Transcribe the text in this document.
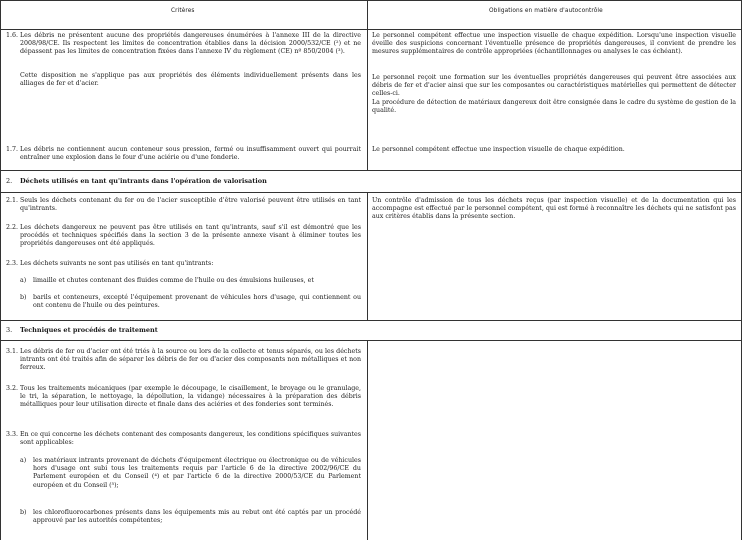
Critères	Obligations en matière d'autocontrôle
1.6. Les débris ne présentent aucune des propriétés dangereuses énumérées à l'annexe III de la directive 2008/98/CE. Ils respectent les limites de concentration établies dans la décision 2000/532/CE (²) et ne dépassent pas les limites de concentration fixées dans l'annexe IV du règlement (CE) nº 850/2004 (³).
Cette disposition ne s'applique pas aux propriétés des éléments individuellement présents dans les alliages de fer et d'acier.
Le personnel compétent effectue une inspection visuelle de chaque expédition. Lorsqu'une inspection visuelle éveille des suspicions concernant l'éventuelle présence de propriétés dangereuses, il convient de prendre les mesures supplémentaires de contrôle appropriées (échantillonnages ou analyses le cas échéant).
Le personnel reçoit une formation sur les éventuelles propriétés dangereuses qui peuvent être associées aux débris de fer et d'acier ainsi que sur les composantes ou caractéristiques matérielles qui permettent de détecter celles-ci.
La procédure de détection de matériaux dangereux doit être consignée dans le cadre du système de gestion de la qualité.
1.7. Les débris ne contiennent aucun conteneur sous pression, fermé ou insuffisamment ouvert qui pourrait entraîner une explosion dans le four d'une aciérie ou d'une fonderie.
Le personnel compétent effectue une inspection visuelle de chaque expédition.
2. Déchets utilisés en tant qu'intrants dans l'opération de valorisation
2.1. Seuls les déchets contenant du fer ou de l'acier susceptible d'être valorisé peuvent être utilisés en tant qu'intrants.
Un contrôle d'admission de tous les déchets reçus (par inspection visuelle) et de la documentation qui les accompagne est effectué par le personnel compétent, qui est formé à reconnaître les déchets qui ne satisfont pas aux critères établis dans la présente section.
2.2. Les déchets dangereux ne peuvent pas être utilisés en tant qu'intrants, sauf s'il est démontré que les procédés et techniques spécifiés dans la section 3 de la présente annexe visant à éliminer toutes les propriétés dangereuses ont été appliqués.
2.3. Les déchets suivants ne sont pas utilisés en tant qu'intrants:
a) limaille et chutes contenant des fluides comme de l'huile ou des émulsions huileuses, et
b) barils et conteneurs, excepté l'équipement provenant de véhicules hors d'usage, qui contiennent ou ont contenu de l'huile ou des peintures.
3. Techniques et procédés de traitement
3.1. Les débris de fer ou d'acier ont été triés à la source ou lors de la collecte et tenus séparés, ou les déchets intrants ont été traités afin de séparer les débris de fer ou d'acier des composants non métalliques et non ferreux.
3.2. Tous les traitements mécaniques (par exemple le découpage, le cisaillement, le broyage ou le granulage, le tri, la séparation, le nettoyage, la dépollution, la vidange) nécessaires à la préparation des débris métalliques pour leur utilisation directe et finale dans des aciéries et des fonderies sont terminés.
3.3. En ce qui concerne les déchets contenant des composants dangereux, les conditions spécifiques suivantes sont applicables:
a) les matériaux intrants provenant de déchets d'équipement électrique ou électronique ou de véhicules hors d'usage ont subi tous les traitements requis par l'article 6 de la directive 2002/96/CE du Parlement européen et du Conseil (⁴) et par l'article 6 de la directive 2000/53/CE du Parlement européen et du Conseil (⁵);
b) les chlorofluorocarbones présents dans les équipements mis au rebut ont été captés par un procédé approuvé par les autorités compétentes;
